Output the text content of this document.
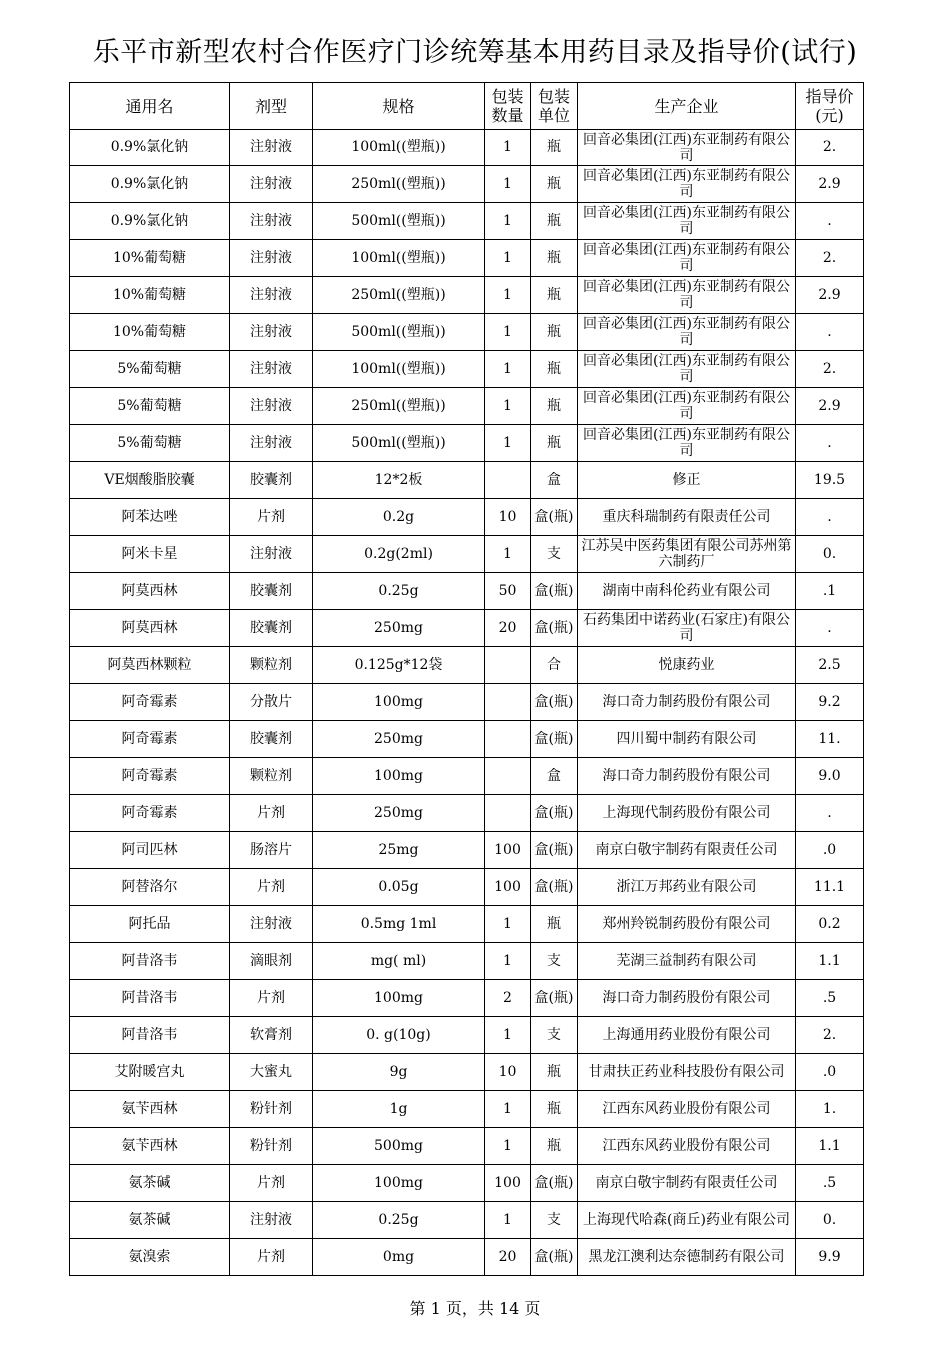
乐平市新型农村合作医疗门诊统筹基本用药目录及指导价(试行)
通用名	剂型	规格	包装数量	包装单位	生产企业	指导价(元)
0.9%氯化钠	注射液	100ml((塑瓶))	1	瓶	回音必集团(江西)东亚制药有限公司	2.
0.9%氯化钠	注射液	250ml((塑瓶))	1	瓶	回音必集团(江西)东亚制药有限公司	2.9
0.9%氯化钠	注射液	500ml((塑瓶))	1	瓶	回音必集团(江西)东亚制药有限公司	.
10%葡萄糖	注射液	100ml((塑瓶))	1	瓶	回音必集团(江西)东亚制药有限公司	2.
10%葡萄糖	注射液	250ml((塑瓶))	1	瓶	回音必集团(江西)东亚制药有限公司	2.9
10%葡萄糖	注射液	500ml((塑瓶))	1	瓶	回音必集团(江西)东亚制药有限公司	.
5%葡萄糖	注射液	100ml((塑瓶))	1	瓶	回音必集团(江西)东亚制药有限公司	2.
5%葡萄糖	注射液	250ml((塑瓶))	1	瓶	回音必集团(江西)东亚制药有限公司	2.9
5%葡萄糖	注射液	500ml((塑瓶))	1	瓶	回音必集团(江西)东亚制药有限公司	.
VE烟酸脂胶囊	胶囊剂	12*2板		盒	修正	19.5
阿苯达唑	片剂	0.2g	10	盒(瓶)	重庆科瑞制药有限责任公司	.
阿米卡星	注射液	0.2g(2ml)	1	支	江苏吴中医药集团有限公司苏州第六制药厂	0.
阿莫西林	胶囊剂	0.25g	50	盒(瓶)	湖南中南科伦药业有限公司	.1
阿莫西林	胶囊剂	250mg	20	盒(瓶)	石药集团中诺药业(石家庄)有限公司	.
阿莫西林颗粒	颗粒剂	0.125g*12袋		合	悦康药业	2.5
阿奇霉素	分散片	100mg		盒(瓶)	海口奇力制药股份有限公司	9.2
阿奇霉素	胶囊剂	250mg		盒(瓶)	四川蜀中制药有限公司	11.
阿奇霉素	颗粒剂	100mg		盒	海口奇力制药股份有限公司	9.0
阿奇霉素	片剂	250mg		盒(瓶)	上海现代制药股份有限公司	.
阿司匹林	肠溶片	25mg	100	盒(瓶)	南京白敬宇制药有限责任公司	.0
阿替洛尔	片剂	0.05g	100	盒(瓶)	浙江万邦药业有限公司	11.1
阿托品	注射液	0.5mg 1ml	1	瓶	郑州羚锐制药股份有限公司	0.2
阿昔洛韦	滴眼剂	mg( ml)	1	支	芜湖三益制药有限公司	1.1
阿昔洛韦	片剂	100mg	2	盒(瓶)	海口奇力制药股份有限公司	.5
阿昔洛韦	软膏剂	0. g(10g)	1	支	上海通用药业股份有限公司	2.
艾附暖宫丸	大蜜丸	9g	10	瓶	甘肃扶正药业科技股份有限公司	.0
氨苄西林	粉针剂	1g	1	瓶	江西东风药业股份有限公司	1.
氨苄西林	粉针剂	500mg	1	瓶	江西东风药业股份有限公司	1.1
氨茶碱	片剂	100mg	100	盒(瓶)	南京白敬宇制药有限责任公司	.5
氨茶碱	注射液	0.25g	1	支	上海现代哈森(商丘)药业有限公司	0.
氨溴索	片剂	0mg	20	盒(瓶)	黑龙江澳利达奈德制药有限公司	9.9
第 1 页，共 14 页
